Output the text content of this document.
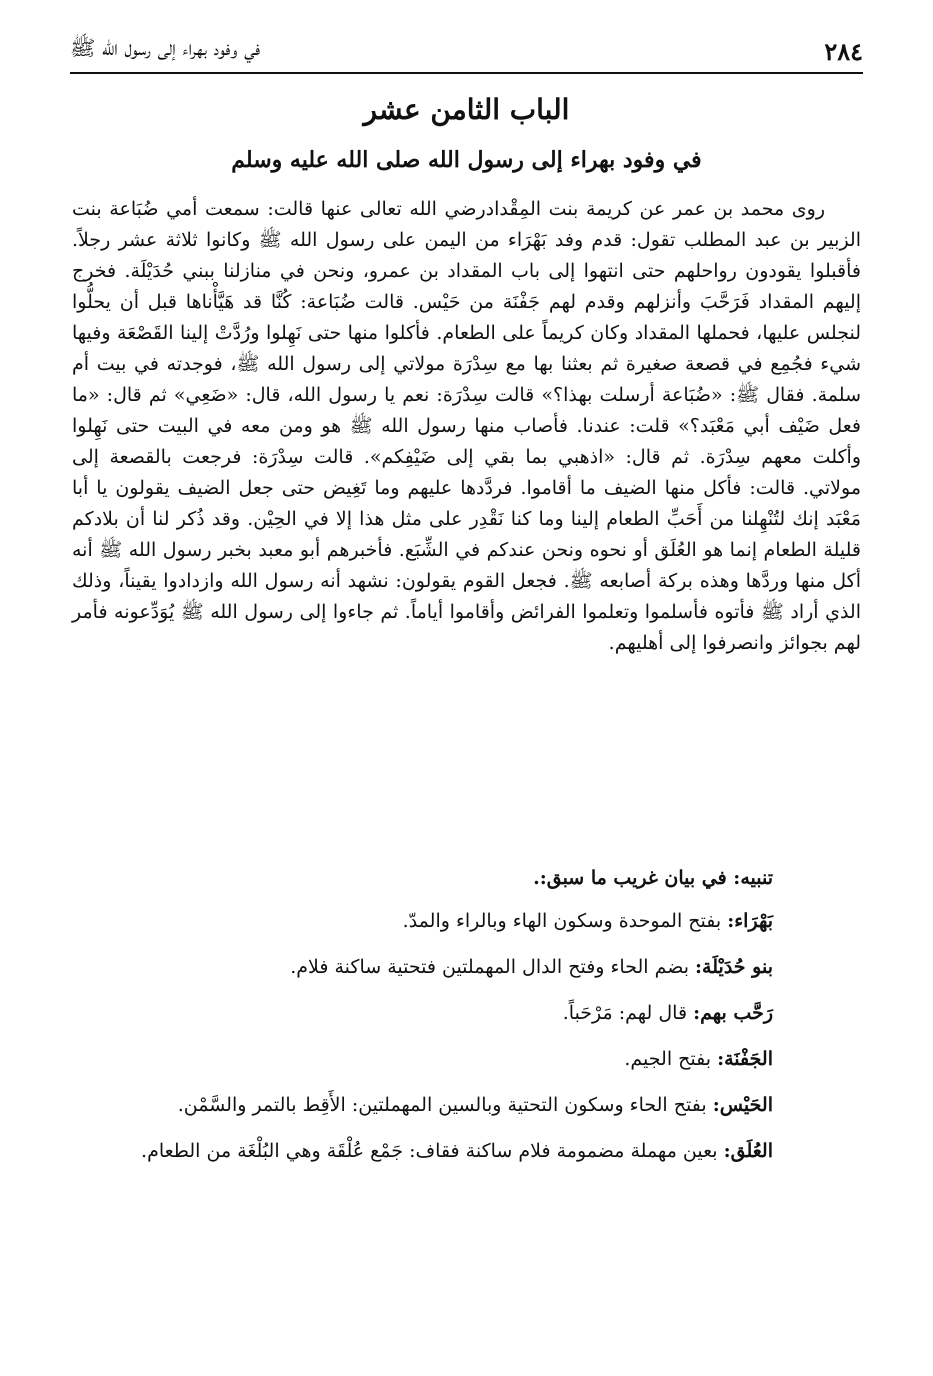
٢٨٤
في وفود بهراء إلى رسول الله ﷺ
الباب الثامن عشر
في وفود بهراء إلى رسول الله صلى الله عليه وسلم

روى محمد بن عمر عن كريمة بنت المِقْدادرضي الله تعالى عنها قالت: سمعت أمي ضُبَاعة بنت الزبير بن عبد المطلب تقول: قدم وفد بَهْرَاء من اليمن على رسول الله ﷺ وكانوا ثلاثة عشر رجلاً. فأقبلوا يقودون رواحلهم حتى انتهوا إلى باب المقداد بن عمرو، ونحن في منازلنا ببني حُدَيْلَة. فخرج إليهم المقداد فَرَحَّبَ وأنزلهم وقدم لهم جَفْنَة من حَيْس. قالت ضُبَاعة: كُنَّا قد هَيَّأْناها قبل أن يحلُّوا لنجلس عليها، فحملها المقداد وكان كريماً على الطعام. فأكلوا منها حتى نَهِلوا ورُدَّتْ إلينا القَصْعَة وفيها شيء فجُمِع في قصعة صغيرة ثم بعثنا بها مع سِدْرَة مولاتي إلى رسول الله ﷺ، فوجدته في بيت أم سلمة. فقال ﷺ: «ضُبَاعة أرسلت بهذا؟» قالت سِدْرَة: نعم يا رسول الله، قال: «ضَعِي» ثم قال: «ما فعل ضَيْف أبي مَعْبَد؟» قلت: عندنا. فأصاب منها رسول الله ﷺ هو ومن معه في البيت حتى نَهِلوا وأكلت معهم سِدْرَة. ثم قال: «اذهبي بما بقي إلى ضَيْفِكم». قالت سِدْرَة: فرجعت بالقصعة إلى مولاتي. قالت: فأكل منها الضيف ما أقاموا. فردَّدها عليهم وما تَغِيض حتى جعل الضيف يقولون يا أبا مَعْبَد إنك لتُنْهِلنا من أَحَبِّ الطعام إلينا وما كنا نَقْدِر على مثل هذا إلا في الحِيْن. وقد ذُكر لنا أن بلادكم قليلة الطعام إنما هو العُلَق أو نحوه ونحن عندكم في الشِّبَع. فأخبرهم أبو معبد بخبر رسول الله ﷺ أنه أكل منها وردَّها وهذه بركة أصابعه ﷺ. فجعل القوم يقولون: نشهد أنه رسول الله وازدادوا يقيناً، وذلك الذي أراد ﷺ فأتوه فأسلموا وتعلموا الفرائض وأقاموا أياماً. ثم جاءوا إلى رسول الله ﷺ يُوَدِّعونه فأمر لهم بجوائز وانصرفوا إلى أهليهم.

تنبيه: في بيان غريب ما سبق:.
بَهْرَاء: بفتح الموحدة وسكون الهاء وبالراء والمدّ.
بنو حُدَيْلَة: بضم الحاء وفتح الدال المهملتين فتحتية ساكنة فلام.
رَحَّب بهم: قال لهم: مَرْحَباً.
الجَفْنَة: بفتح الجيم.
الحَيْس: بفتح الحاء وسكون التحتية وبالسين المهملتين: الأَقِط بالتمر والسَّمْن.
العُلَق: بعين مهملة مضمومة فلام ساكنة فقاف: جَمْع عُلْقَة وهي البُلْغَة من الطعام.
